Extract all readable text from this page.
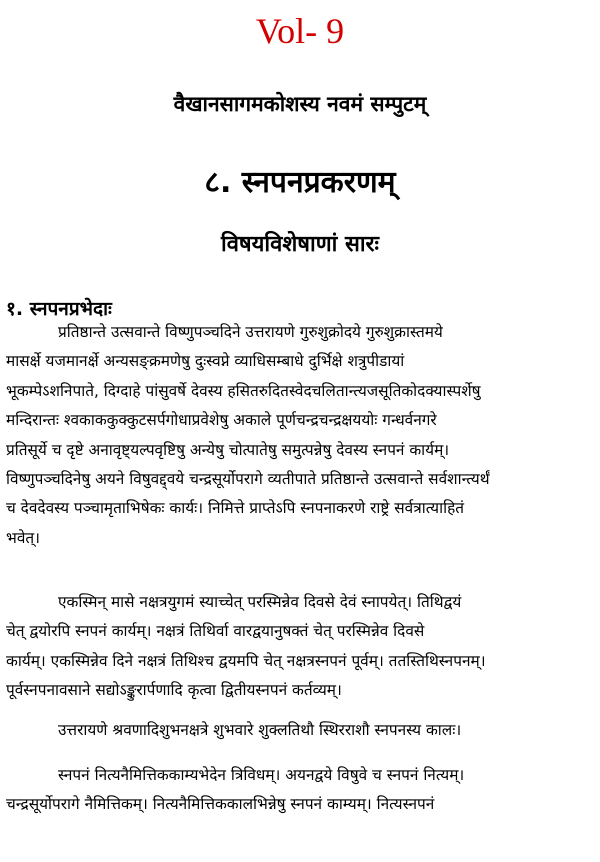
Vol- 9
वैखानसागमकोशस्य नवमं सम्पुटम्
८. स्नपनप्रकरणम्
विषयविशेषाणां सारः
१. स्नपनप्रभेदाः
प्रतिष्ठान्ते उत्सवान्ते विष्णुपञ्चदिने उत्तरायणे गुरुशुक्रोदये गुरुशुक्रास्तमये
मासर्क्षे यजमानर्क्षे अन्यसङ्क्रमणेषु दुःस्वप्ने व्याधिसम्बाधे दुर्भिक्षे शत्रुपीडायां
भूकम्पेऽशनिपाते, दिग्दाहे पांसुवर्षे देवस्य हसितरुदितस्वेदचलितान्त्यजसूतिकोदक्यास्पर्शेषु
मन्दिरान्तः श्वकाककुक्कुटसर्पगोधाप्रवेशेषु अकाले पूर्णचन्द्रचन्द्रक्षययोः गन्धर्वनगरे
प्रतिसूर्ये च दृष्टे अनावृष्ट्यल्पवृष्टिषु अन्येषु चोत्पातेषु समुत्पन्नेषु देवस्य स्नपनं कार्यम्।
विष्णुपञ्चदिनेषु अयने विषुवद्द्वये चन्द्रसूर्योपरागे व्यतीपाते प्रतिष्ठान्ते उत्सवान्ते सर्वशान्त्यर्थं
च देवदेवस्य पञ्चामृताभिषेकः कार्यः। निमित्ते प्राप्तेऽपि स्नपनाकरणे राष्ट्रे सर्वत्रात्याहितं
भवेत्।
एकस्मिन् मासे नक्षत्रयुगमं स्याच्चेत् परस्मिन्नेव दिवसे देवं स्नापयेत्। तिथिद्वयं
चेत् द्वयोरपि स्नपनं कार्यम्। नक्षत्रं तिथिर्वा वारद्वयानुषक्तं चेत् परस्मिन्नेव दिवसे
कार्यम्। एकस्मिन्नेव दिने नक्षत्रं तिथिश्च द्वयमपि चेत् नक्षत्रस्नपनं पूर्वम्। ततस्तिथिस्नपनम्।
पूर्वस्नपनावसाने सद्योऽङ्कुरार्पणादि कृत्वा द्वितीयस्नपनं कर्तव्यम्।
उत्तरायणे श्रवणादिशुभनक्षत्रे शुभवारे शुक्लतिथौ स्थिरराशौ स्नपनस्य कालः।
स्नपनं नित्यनैमित्तिककाम्यभेदेन त्रिविधम्। अयनद्वये विषुवे च स्नपनं नित्यम्।
चन्द्रसूर्योपरागे नैमित्तिकम्। नित्यनैमित्तिककालभिन्नेषु स्नपनं काम्यम्। नित्यस्नपनं
